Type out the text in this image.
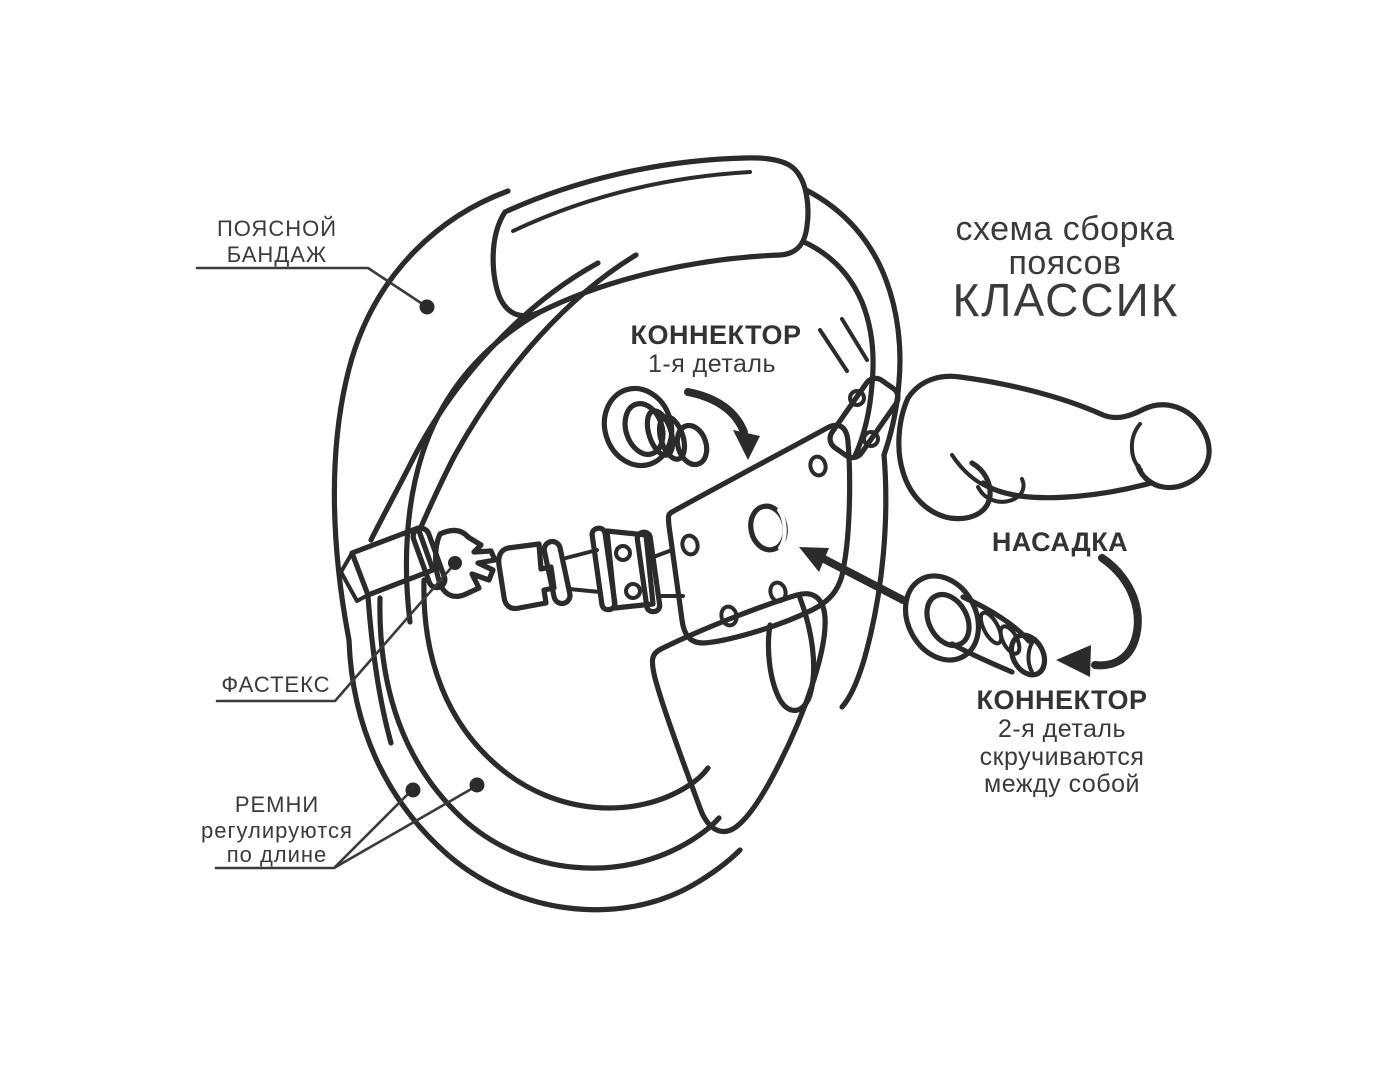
ПОЯСНОЙ
БАНДАЖ
схема сборка
поясов
КЛАССИК
КОННЕКТОР
1-я деталь
НАСАДКА
КОННЕКТОР
2-я деталь
скручиваются
между собой
ФАСТЕКС
РЕМНИ
регулируются
по длине
